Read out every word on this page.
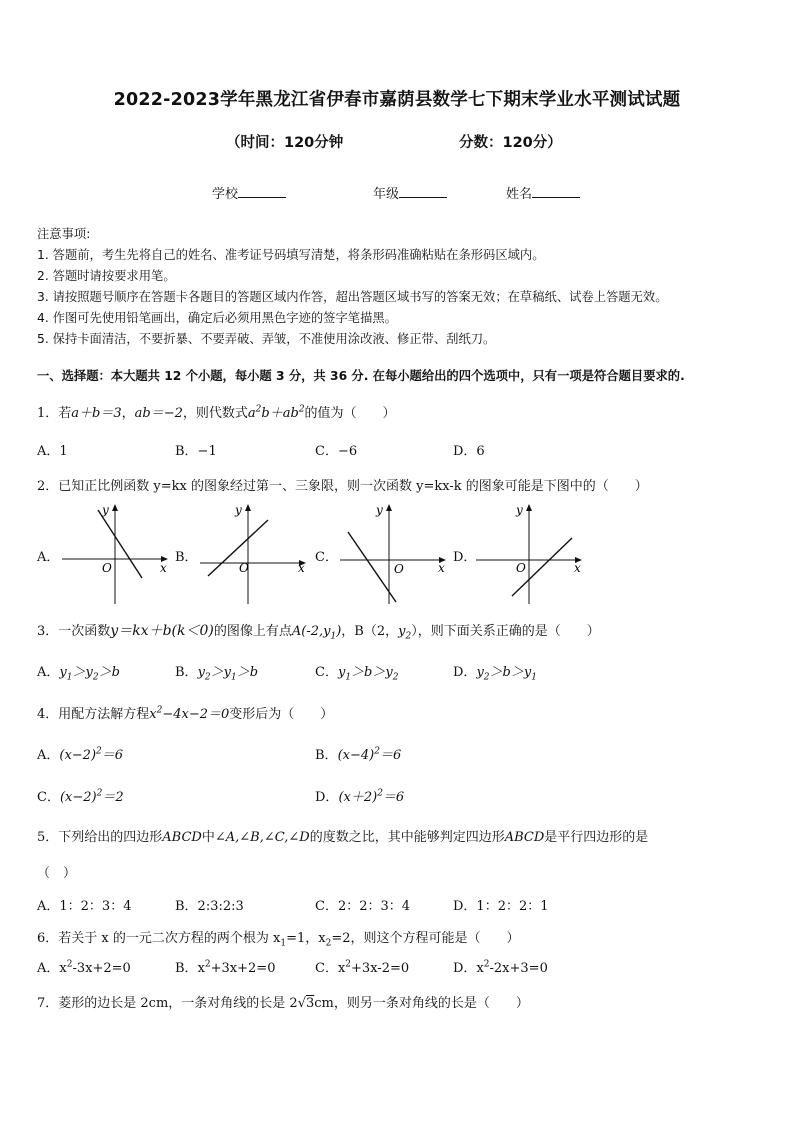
2022-2023学年黑龙江省伊春市嘉荫县数学七下期末学业水平测试试题
（时间：120分钟	分数：120分）
学校	年级	姓名
注意事项:
1. 答题前，考生先将自己的姓名、准考证号码填写清楚，将条形码准确粘贴在条形码区域内。
2. 答题时请按要求用笔。
3. 请按照题号顺序在答题卡各题目的答题区域内作答，超出答题区域书写的答案无效；在草稿纸、试卷上答题无效。
4. 作图可先使用铅笔画出，确定后必须用黑色字迹的签字笔描黑。
5. 保持卡面清洁，不要折暴、不要弄破、弄皱，不准使用涂改液、修正带、刮纸刀。
一、选择题：本大题共 12 个小题，每小题 3 分，共 36 分. 在每小题给出的四个选项中，只有一项是符合题目要求的.
1．若a＋b＝3，ab＝−2，则代数式$a^2b+ab^2$的值为（　　）
A．1	B．−1	C．−6	D．6
2．已知正比例函数 y=kx 的图象经过第一、三象限，则一次函数 y=kx-k 的图象可能是下图中的（　　）
A．	B．	C．	D．
y
x
O
y
x
O
y
x
O
y
x
O
3．一次函数y＝kx＋b(k＜0)的图像上有点$A(-2,y_1)$，B（2，$y_2$），则下面关系正确的是（　　）
A．$y_1>y_2>b$	B．$y_2>y_1>b$	C．$y_1>b>y_2$	D．$y_2>b>y_1$
4．用配方法解方程$x^2-4x-2=0$变形后为（　　）
A．$(x-2)^2=6$	B．$(x-4)^2=6$
C．$(x-2)^2=2$	D．$(x+2)^2=6$
5．下列给出的四边形ABCD中∠A,∠B,∠C,∠D的度数之比，其中能够判定四边形ABCD是平行四边形的是
（　）
A．1：2：3：4	B．2:3:2:3	C．2：2：3：4	D．1：2：2：1
6．若关于 x 的一元二次方程的两个根为 $x_1=1$，$x_2=2$，则这个方程可能是（　　）
A．$x^2-3x+2=0$	B．$x^2+3x+2=0$	C．$x^2+3x-2=0$	D．$x^2-2x+3=0$
7．菱形的边长是 2cm，一条对角线的长是 2√3cm，则另一条对角线的长是（　　）
